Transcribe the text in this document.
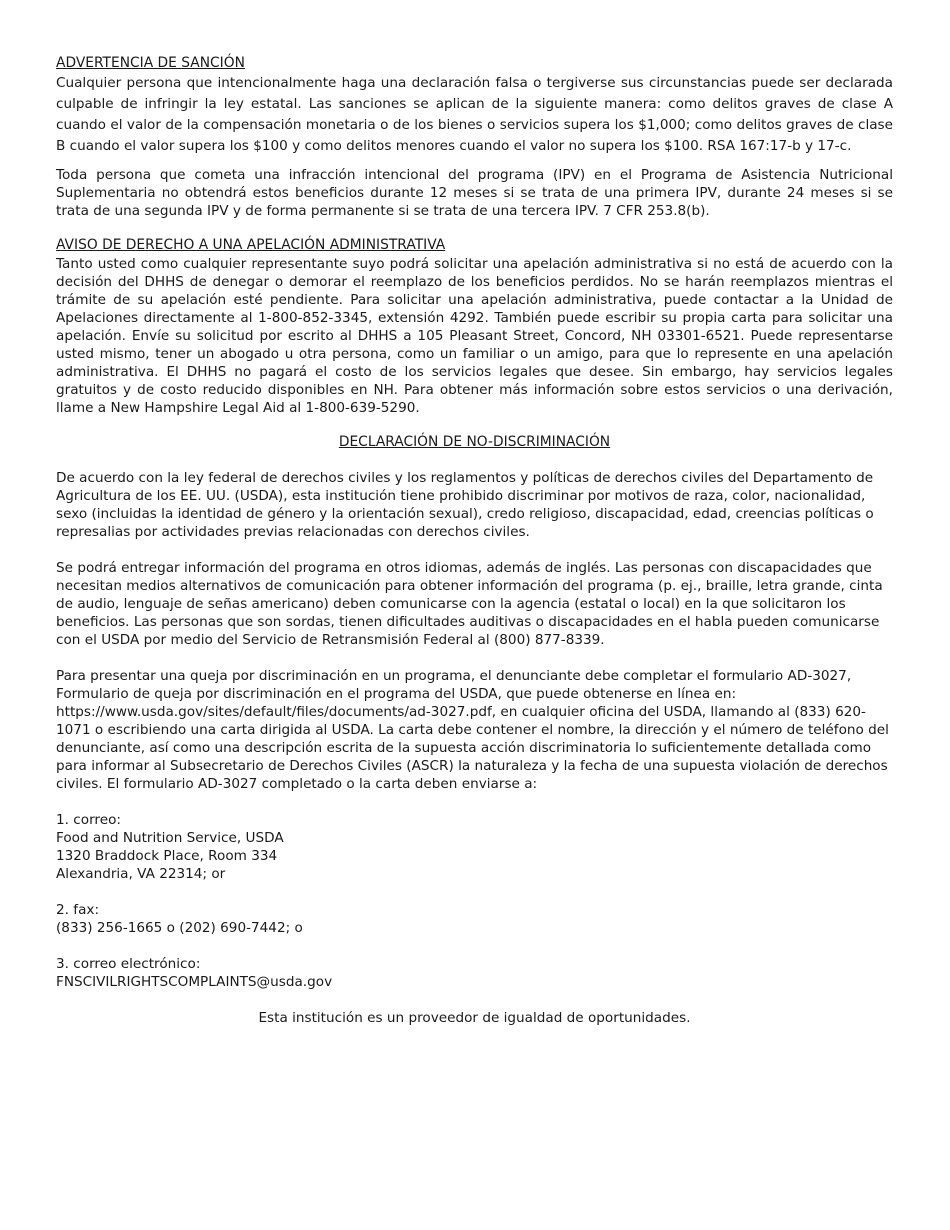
ADVERTENCIA DE SANCIÓN

Cualquier persona que intencionalmente haga una declaración falsa o tergiverse sus circunstancias puede ser declarada culpable de infringir la ley estatal. Las sanciones se aplican de la siguiente manera: como delitos graves de clase A cuando el valor de la compensación monetaria o de los bienes o servicios supera los $1,000; como delitos graves de clase B cuando el valor supera los $100 y como delitos menores cuando el valor no supera los $100. RSA 167:17-b y 17-c.

Toda persona que cometa una infracción intencional del programa (IPV) en el Programa de Asistencia Nutricional Suplementaria no obtendrá estos beneficios durante 12 meses si se trata de una primera IPV, durante 24 meses si se trata de una segunda IPV y de forma permanente si se trata de una tercera IPV. 7 CFR 253.8(b).

AVISO DE DERECHO A UNA APELACIÓN ADMINISTRATIVA

Tanto usted como cualquier representante suyo podrá solicitar una apelación administrativa si no está de acuerdo con la decisión del DHHS de denegar o demorar el reemplazo de los beneficios perdidos. No se harán reemplazos mientras el trámite de su apelación esté pendiente. Para solicitar una apelación administrativa, puede contactar a la Unidad de Apelaciones directamente al 1-800-852-3345, extensión 4292. También puede escribir su propia carta para solicitar una apelación. Envíe su solicitud por escrito al DHHS a 105 Pleasant Street, Concord, NH 03301-6521. Puede representarse usted mismo, tener un abogado u otra persona, como un familiar o un amigo, para que lo represente en una apelación administrativa. El DHHS no pagará el costo de los servicios legales que desee. Sin embargo, hay servicios legales gratuitos y de costo reducido disponibles en NH. Para obtener más información sobre estos servicios o una derivación, llame a New Hampshire Legal Aid al 1-800-639-5290.

DECLARACIÓN DE NO-DISCRIMINACIÓN

De acuerdo con la ley federal de derechos civiles y los reglamentos y políticas de derechos civiles del Departamento de Agricultura de los EE. UU. (USDA), esta institución tiene prohibido discriminar por motivos de raza, color, nacionalidad, sexo (incluidas la identidad de género y la orientación sexual), credo religioso, discapacidad, edad, creencias políticas o represalias por actividades previas relacionadas con derechos civiles.

Se podrá entregar información del programa en otros idiomas, además de inglés. Las personas con discapacidades que necesitan medios alternativos de comunicación para obtener información del programa (p. ej., braille, letra grande, cinta de audio, lenguaje de señas americano) deben comunicarse con la agencia (estatal o local) en la que solicitaron los beneficios. Las personas que son sordas, tienen dificultades auditivas o discapacidades en el habla pueden comunicarse con el USDA por medio del Servicio de Retransmisión Federal al (800) 877-8339.

Para presentar una queja por discriminación en un programa, el denunciante debe completar el formulario AD-3027, Formulario de queja por discriminación en el programa del USDA, que puede obtenerse en línea en: https://www.usda.gov/sites/default/files/documents/ad-3027.pdf, en cualquier oficina del USDA, llamando al (833) 620-1071 o escribiendo una carta dirigida al USDA. La carta debe contener el nombre, la dirección y el número de teléfono del denunciante, así como una descripción escrita de la supuesta acción discriminatoria lo suficientemente detallada como para informar al Subsecretario de Derechos Civiles (ASCR) la naturaleza y la fecha de una supuesta violación de derechos civiles. El formulario AD-3027 completado o la carta deben enviarse a:

1. correo:
Food and Nutrition Service, USDA
1320 Braddock Place, Room 334
Alexandria, VA 22314; or

2. fax:
(833) 256-1665 o (202) 690-7442; o

3. correo electrónico:
FNSCIVILRIGHTSCOMPLAINTS@usda.gov

Esta institución es un proveedor de igualdad de oportunidades.
